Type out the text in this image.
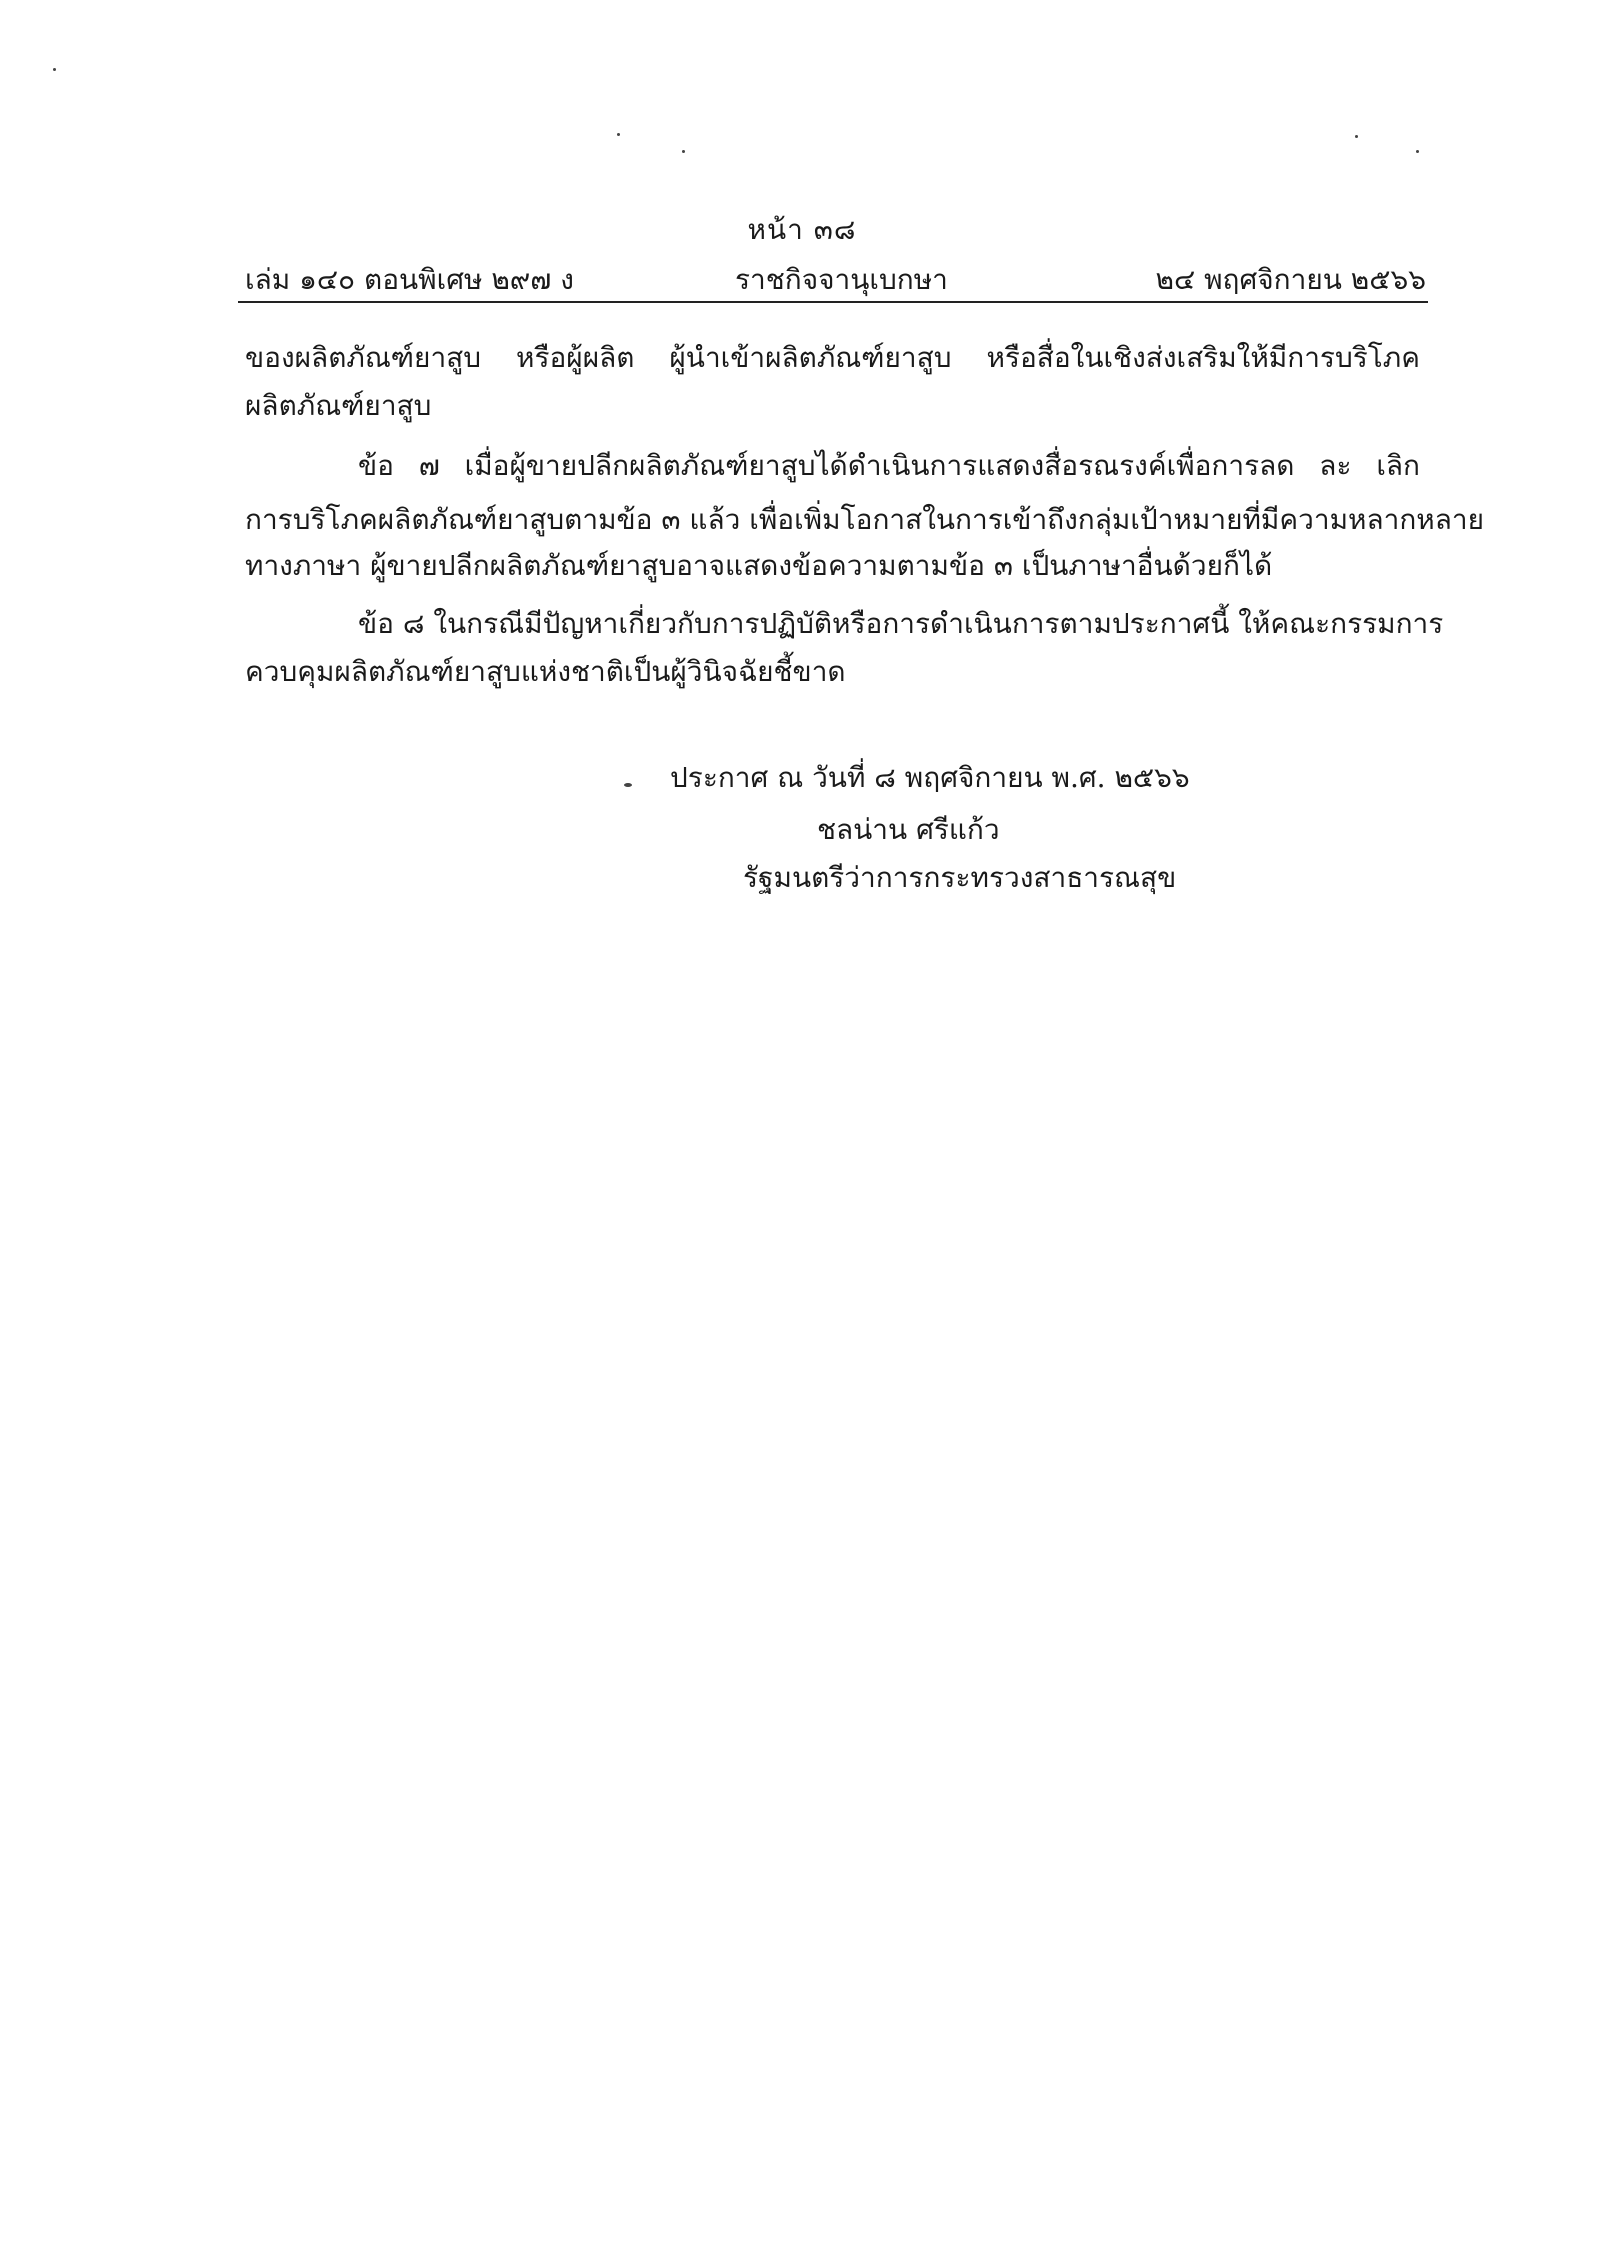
หน้า ๓๘
เล่ม ๑๔๐ ตอนพิเศษ ๒๙๗ ง	ราชกิจจานุเบกษา	๒๔ พฤศจิกายน ๒๕๖๖
ของผลิตภัณฑ์ยาสูบ หรือผู้ผลิต ผู้นำเข้าผลิตภัณฑ์ยาสูบ หรือสื่อในเชิงส่งเสริมให้มีการบริโภค
ผลิตภัณฑ์ยาสูบ
ข้อ ๗ เมื่อผู้ขายปลีกผลิตภัณฑ์ยาสูบได้ดำเนินการแสดงสื่อรณรงค์เพื่อการลด ละ เลิก
การบริโภคผลิตภัณฑ์ยาสูบตามข้อ ๓ แล้ว เพื่อเพิ่มโอกาสในการเข้าถึงกลุ่มเป้าหมายที่มีความหลากหลาย
ทางภาษา ผู้ขายปลีกผลิตภัณฑ์ยาสูบอาจแสดงข้อความตามข้อ ๓ เป็นภาษาอื่นด้วยก็ได้
ข้อ ๘ ในกรณีมีปัญหาเกี่ยวกับการปฏิบัติหรือการดำเนินการตามประกาศนี้ ให้คณะกรรมการ
ควบคุมผลิตภัณฑ์ยาสูบแห่งชาติเป็นผู้วินิจฉัยชี้ขาด
ประกาศ ณ วันที่ ๘ พฤศจิกายน พ.ศ. ๒๕๖๖
ชลน่าน ศรีแก้ว
รัฐมนตรีว่าการกระทรวงสาธารณสุข
